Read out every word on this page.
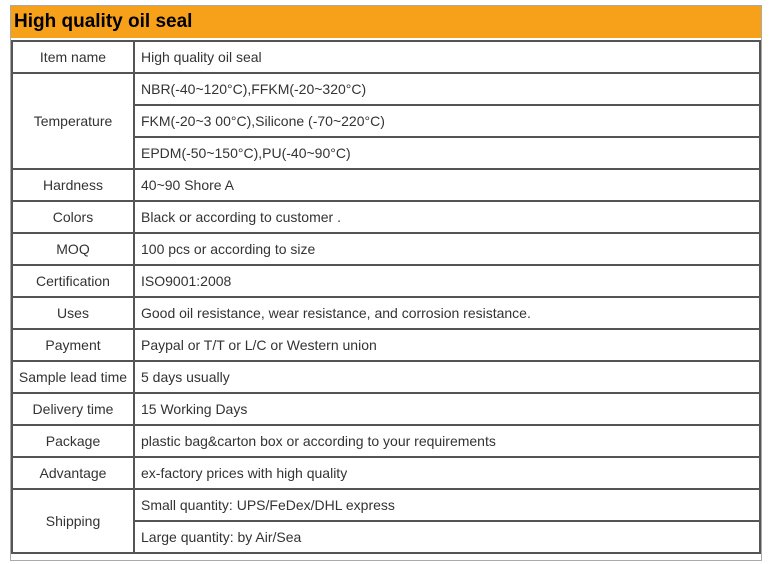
High quality oil seal
Item name	High quality oil seal
Temperature	NBR(-40~120°C),FFKM(-20~320°C)
	FKM(-20~3 00°C),Silicone (-70~220°C)
	EPDM(-50~150°C),PU(-40~90°C)
Hardness	40~90 Shore A
Colors	Black or according to customer .
MOQ	100 pcs or according to size
Certification	ISO9001:2008
Uses	Good oil resistance, wear resistance, and corrosion resistance.
Payment	Paypal or T/T or L/C or Western union
Sample lead time	5 days usually
Delivery time	15 Working Days
Package	plastic bag&carton box or according to your requirements
Advantage	ex-factory prices with high quality
Shipping	Small quantity: UPS/FeDex/DHL express
	Large quantity: by Air/Sea
